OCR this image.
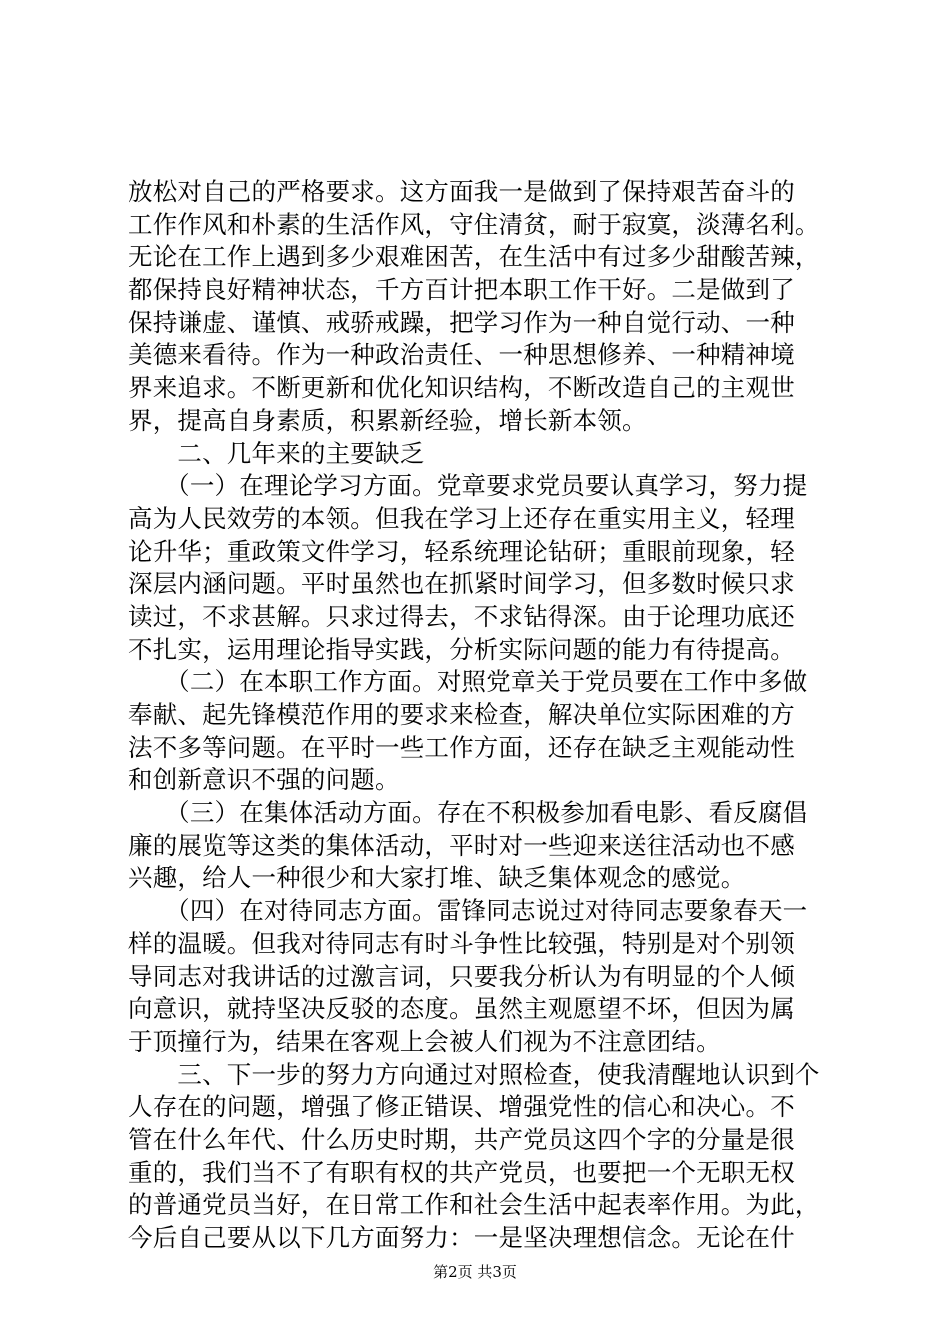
放松对自己的严格要求。这方面我一是做到了保持艰苦奋斗的
工作作风和朴素的生活作风，守住清贫，耐于寂寞，淡薄名利。
无论在工作上遇到多少艰难困苦，在生活中有过多少甜酸苦辣，
都保持良好精神状态，千方百计把本职工作干好。二是做到了
保持谦虚、谨慎、戒骄戒躁，把学习作为一种自觉行动、一种
美德来看待。作为一种政治责任、一种思想修养、一种精神境
界来追求。不断更新和优化知识结构，不断改造自己的主观世
界，提高自身素质，积累新经验，增长新本领。
　　二、几年来的主要缺乏
　　（一）在理论学习方面。党章要求党员要认真学习，努力提
高为人民效劳的本领。但我在学习上还存在重实用主义，轻理
论升华；重政策文件学习，轻系统理论钻研；重眼前现象，轻
深层内涵问题。平时虽然也在抓紧时间学习，但多数时候只求
读过，不求甚解。只求过得去，不求钻得深。由于论理功底还
不扎实，运用理论指导实践，分析实际问题的能力有待提高。
　　（二）在本职工作方面。对照党章关于党员要在工作中多做
奉献、起先锋模范作用的要求来检查，解决单位实际困难的方
法不多等问题。在平时一些工作方面，还存在缺乏主观能动性
和创新意识不强的问题。
　　（三）在集体活动方面。存在不积极参加看电影、看反腐倡
廉的展览等这类的集体活动，平时对一些迎来送往活动也不感
兴趣，给人一种很少和大家打堆、缺乏集体观念的感觉。
　　（四）在对待同志方面。雷锋同志说过对待同志要象春天一
样的温暖。但我对待同志有时斗争性比较强，特别是对个别领
导同志对我讲话的过激言词，只要我分析认为有明显的个人倾
向意识，就持坚决反驳的态度。虽然主观愿望不坏，但因为属
于顶撞行为，结果在客观上会被人们视为不注意团结。
　　三、下一步的努力方向通过对照检查，使我清醒地认识到个
人存在的问题，增强了修正错误、增强党性的信心和决心。不
管在什么年代、什么历史时期，共产党员这四个字的分量是很
重的，我们当不了有职有权的共产党员，也要把一个无职无权
的普通党员当好，在日常工作和社会生活中起表率作用。为此，
今后自己要从以下几方面努力：一是坚决理想信念。无论在什
第2页 共3页
